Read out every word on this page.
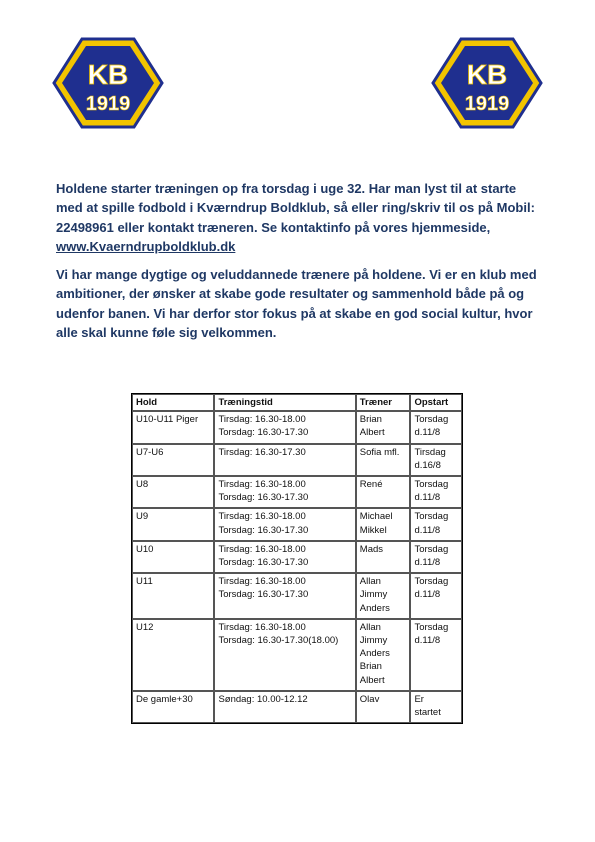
KB
1919
KB
1919

Holdene starter træningen op fra torsdag i uge 32. Har man lyst til at starte med at spille fodbold i Kværndrup Boldklub, så eller ring/skriv til os på Mobil: 22498961 eller kontakt træneren. Se kontaktinfo på vores hjemmeside, www.Kvaerndrupboldklub.dk

Vi har mange dygtige og veluddannede trænere på holdene. Vi er en klub med ambitioner, der ønsker at skabe gode resultater og sammenhold både på og udenfor banen. Vi har derfor stor fokus på at skabe en god social kultur, hvor alle skal kunne føle sig velkommen.

Hold	Træningstid	Træner	Opstart
U10-U11 Piger	Tirsdag: 16.30-18.00
Torsdag: 16.30-17.30	Brian
Albert	Torsdag
d.11/8

U7-U6	Tirsdag: 16.30-17.30	Sofia mfl.	Tirsdag
d.16/8

U8	Tirsdag: 16.30-18.00
Torsdag: 16.30-17.30	René	Torsdag
d.11/8

U9	Tirsdag: 16.30-18.00
Torsdag: 16.30-17.30	Michael
Mikkel	Torsdag
d.11/8

U10	Tirsdag: 16.30-18.00
Torsdag: 16.30-17.30	Mads	Torsdag
d.11/8

U11	Tirsdag: 16.30-18.00
Torsdag: 16.30-17.30	Allan
Jimmy
Anders	Torsdag
d.11/8

U12	Tirsdag: 16.30-18.00
Torsdag: 16.30-17.30(18.00)	Allan
Jimmy
Anders
Brian
Albert	Torsdag
d.11/8

De gamle+30	Søndag: 10.00-12.12	Olav	Er
startet
